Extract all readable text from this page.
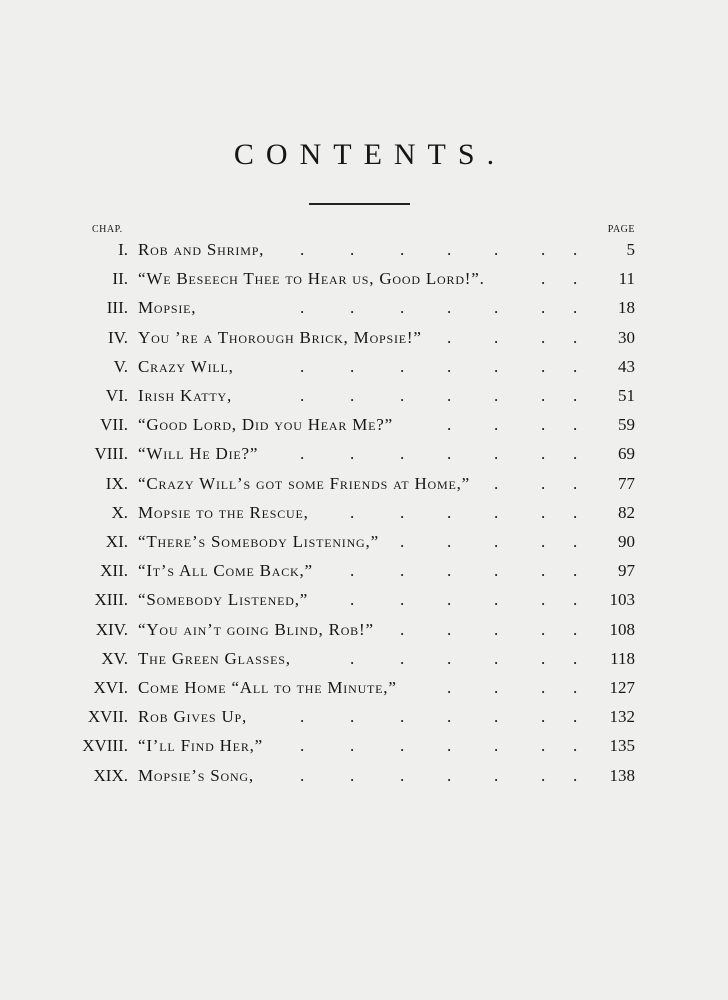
CONTENTS.
CHAP.	PAGE
I. Rob and Shrimp,	5
.	.	.	.	.	. .
II. “We Beseech Thee to Hear us, Good Lord!”.	11
. .
III. Mopsie,	18
.	.	.	.	.	. .
IV. You ’re a Thorough Brick, Mopsie!”	30
.	.	. .
V. Crazy Will,	43
.	.	.	.	.	. .
VI. Irish Katty,	51
.	.	.	.	.	. .
VII. “Good Lord, Did you Hear Me?”	59
.	.	. .
VIII. “Will He Die?”	69
.	.	.	.	.	. .
IX. “Crazy Will’s got some Friends at Home,”	77
.	. .
X. Mopsie to the Rescue,	82
.	.	.	.	. .
XI. “There’s Somebody Listening,”	90
.	.	.	. .
XII. “It’s All Come Back,”	97
.	.	.	.	. .
XIII. “Somebody Listened,”	103
.	.	.	.	. .
XIV. “You ain’t going Blind, Rob!”	108
.	.	.	. .
XV. The Green Glasses,	118
.	.	.	.	. .
XVI. Come Home “All to the Minute,”	127
.	.	. .
XVII. Rob Gives Up,	132
.	.	.	.	.	. .
XVIII. “I’ll Find Her,”	135
.	.	.	.	.	. .
XIX. Mopsie’s Song,	138
.	.	.	.	.	. .
